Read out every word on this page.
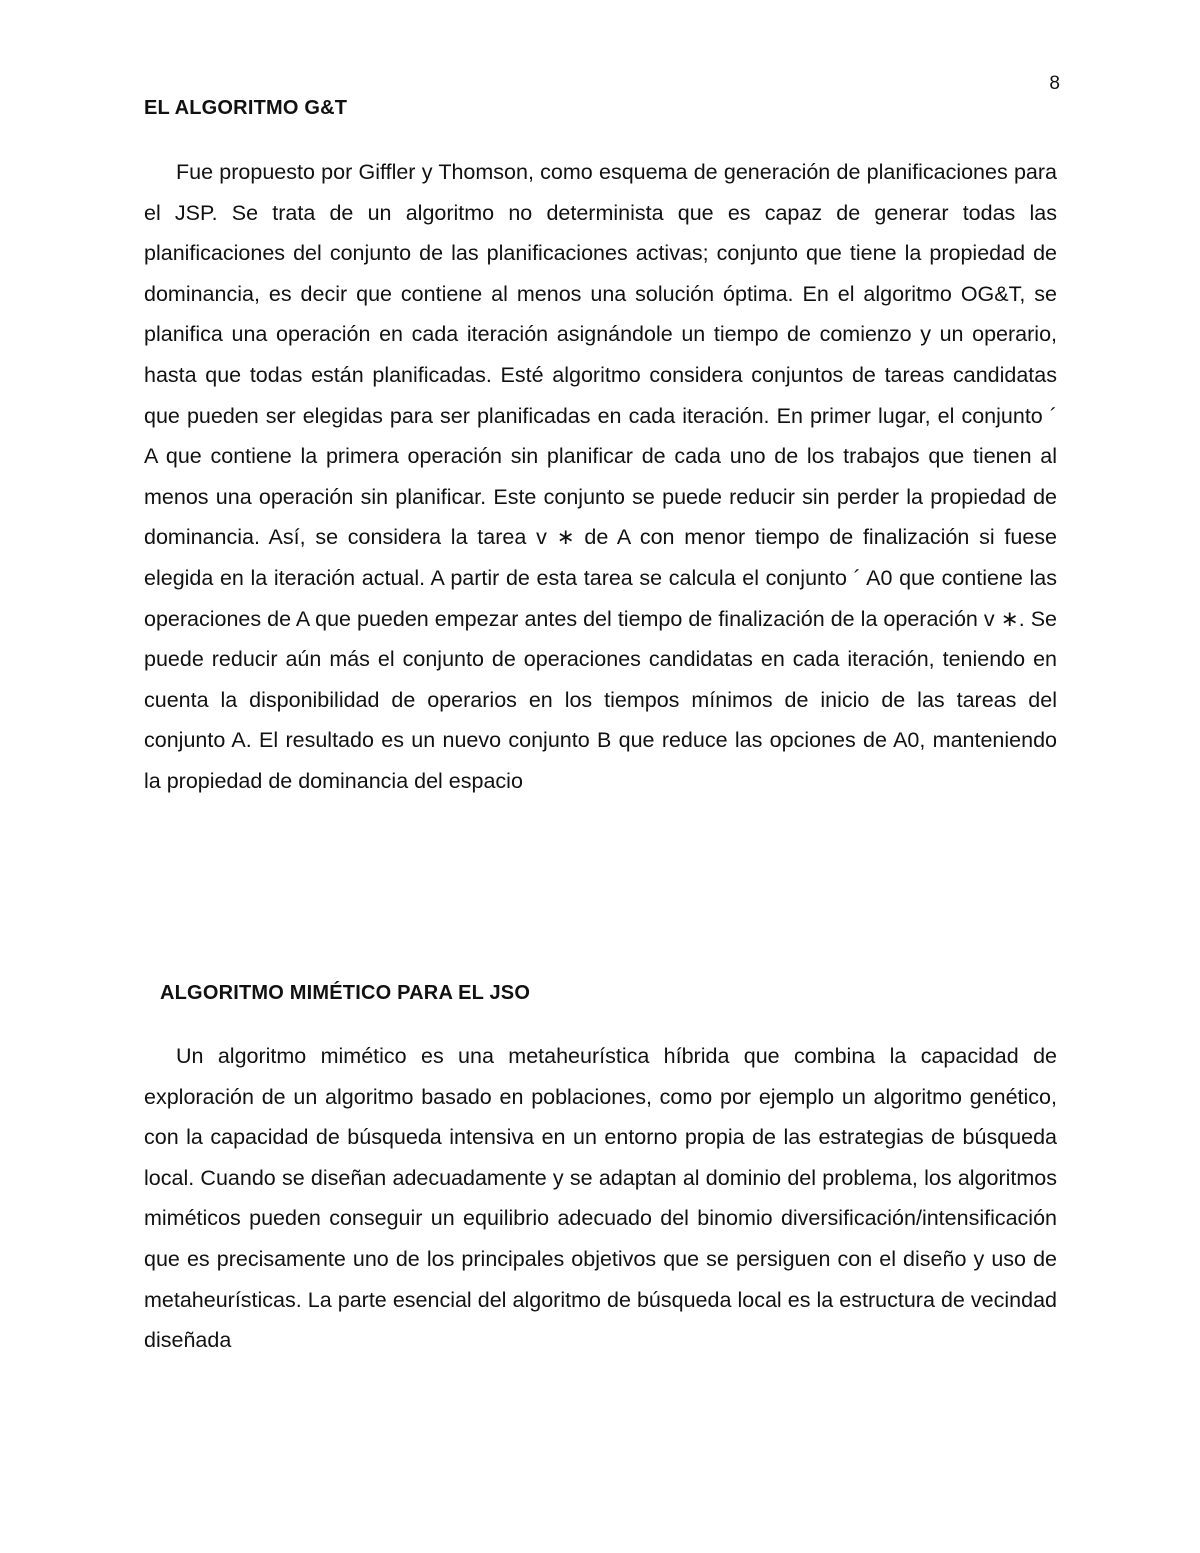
8
EL ALGORITMO G&T

Fue propuesto por Giffler y Thomson, como esquema de generación de planificaciones para el JSP. Se trata de un algoritmo no determinista que es capaz de generar todas las planificaciones del conjunto de las planificaciones activas; conjunto que tiene la propiedad de dominancia, es decir que contiene al menos una solución óptima. En el algoritmo OG&T, se planifica una operación en cada iteración asignándole un tiempo de comienzo y un operario, hasta que todas están planificadas. Esté algoritmo considera conjuntos de tareas candidatas que pueden ser elegidas para ser planificadas en cada iteración. En primer lugar, el conjunto ´ A que contiene la primera operación sin planificar de cada uno de los trabajos que tienen al menos una operación sin planificar. Este conjunto se puede reducir sin perder la propiedad de dominancia. Así, se considera la tarea v ∗ de A con menor tiempo de finalización si fuese elegida en la iteración actual. A partir de esta tarea se calcula el conjunto ´ A0 que contiene las operaciones de A que pueden empezar antes del tiempo de finalización de la operación v ∗. Se puede reducir aún más el conjunto de operaciones candidatas en cada iteración, teniendo en cuenta la disponibilidad de operarios en los tiempos mínimos de inicio de las tareas del conjunto A. El resultado es un nuevo conjunto B que reduce las opciones de A0, manteniendo la propiedad de dominancia del espacio

ALGORITMO MIMÉTICO PARA EL JSO

Un algoritmo mimético es una metaheurística híbrida que combina la capacidad de exploración de un algoritmo basado en poblaciones, como por ejemplo un algoritmo genético, con la capacidad de búsqueda intensiva en un entorno propia de las estrategias de búsqueda local. Cuando se diseñan adecuadamente y se adaptan al dominio del problema, los algoritmos miméticos pueden conseguir un equilibrio adecuado del binomio diversificación/intensificación que es precisamente uno de los principales objetivos que se persiguen con el diseño y uso de metaheurísticas. La parte esencial del algoritmo de búsqueda local es la estructura de vecindad diseñada
